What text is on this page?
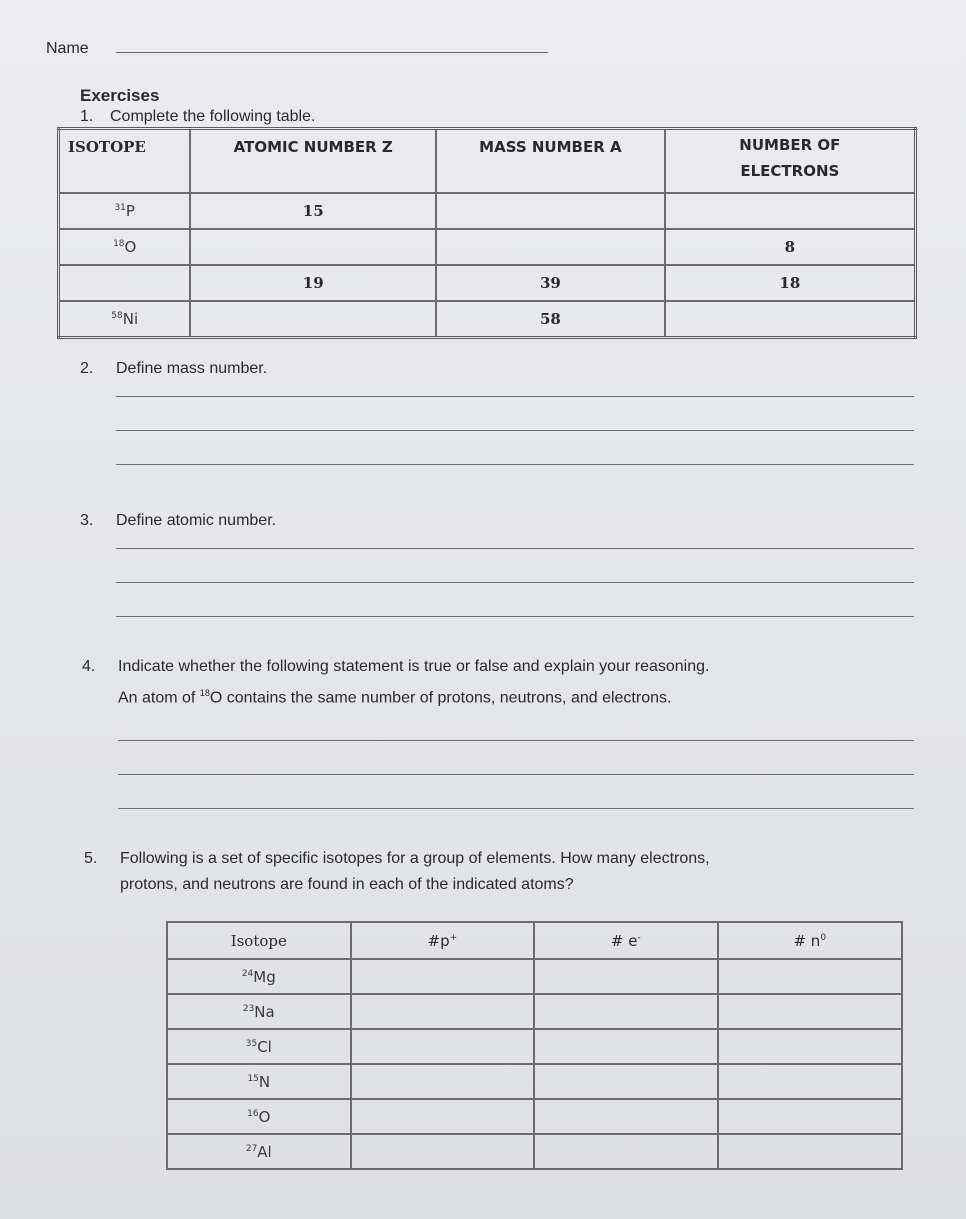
Name
Exercises
1. Complete the following table.
ISOTOPE	ATOMIC NUMBER Z	MASS NUMBER A	NUMBER OF ELECTRONS
$^{31}$P	15		
$^{18}$O			8
	19	39	18
$^{58}$Ni		58	
2. Define mass number.
3. Define atomic number.
4. Indicate whether the following statement is true or false and explain your reasoning.
An atom of $^{18}$O contains the same number of protons, neutrons, and electrons.
5. Following is a set of specific isotopes for a group of elements. How many electrons,
protons, and neutrons are found in each of the indicated atoms?
Isotope	#p+	# e-	# $n^0$
$^{24}$Mg			
$^{23}$Na			
$^{35}$Cl			
$^{15}$N			
$^{16}$O			
$^{27}$Al			
